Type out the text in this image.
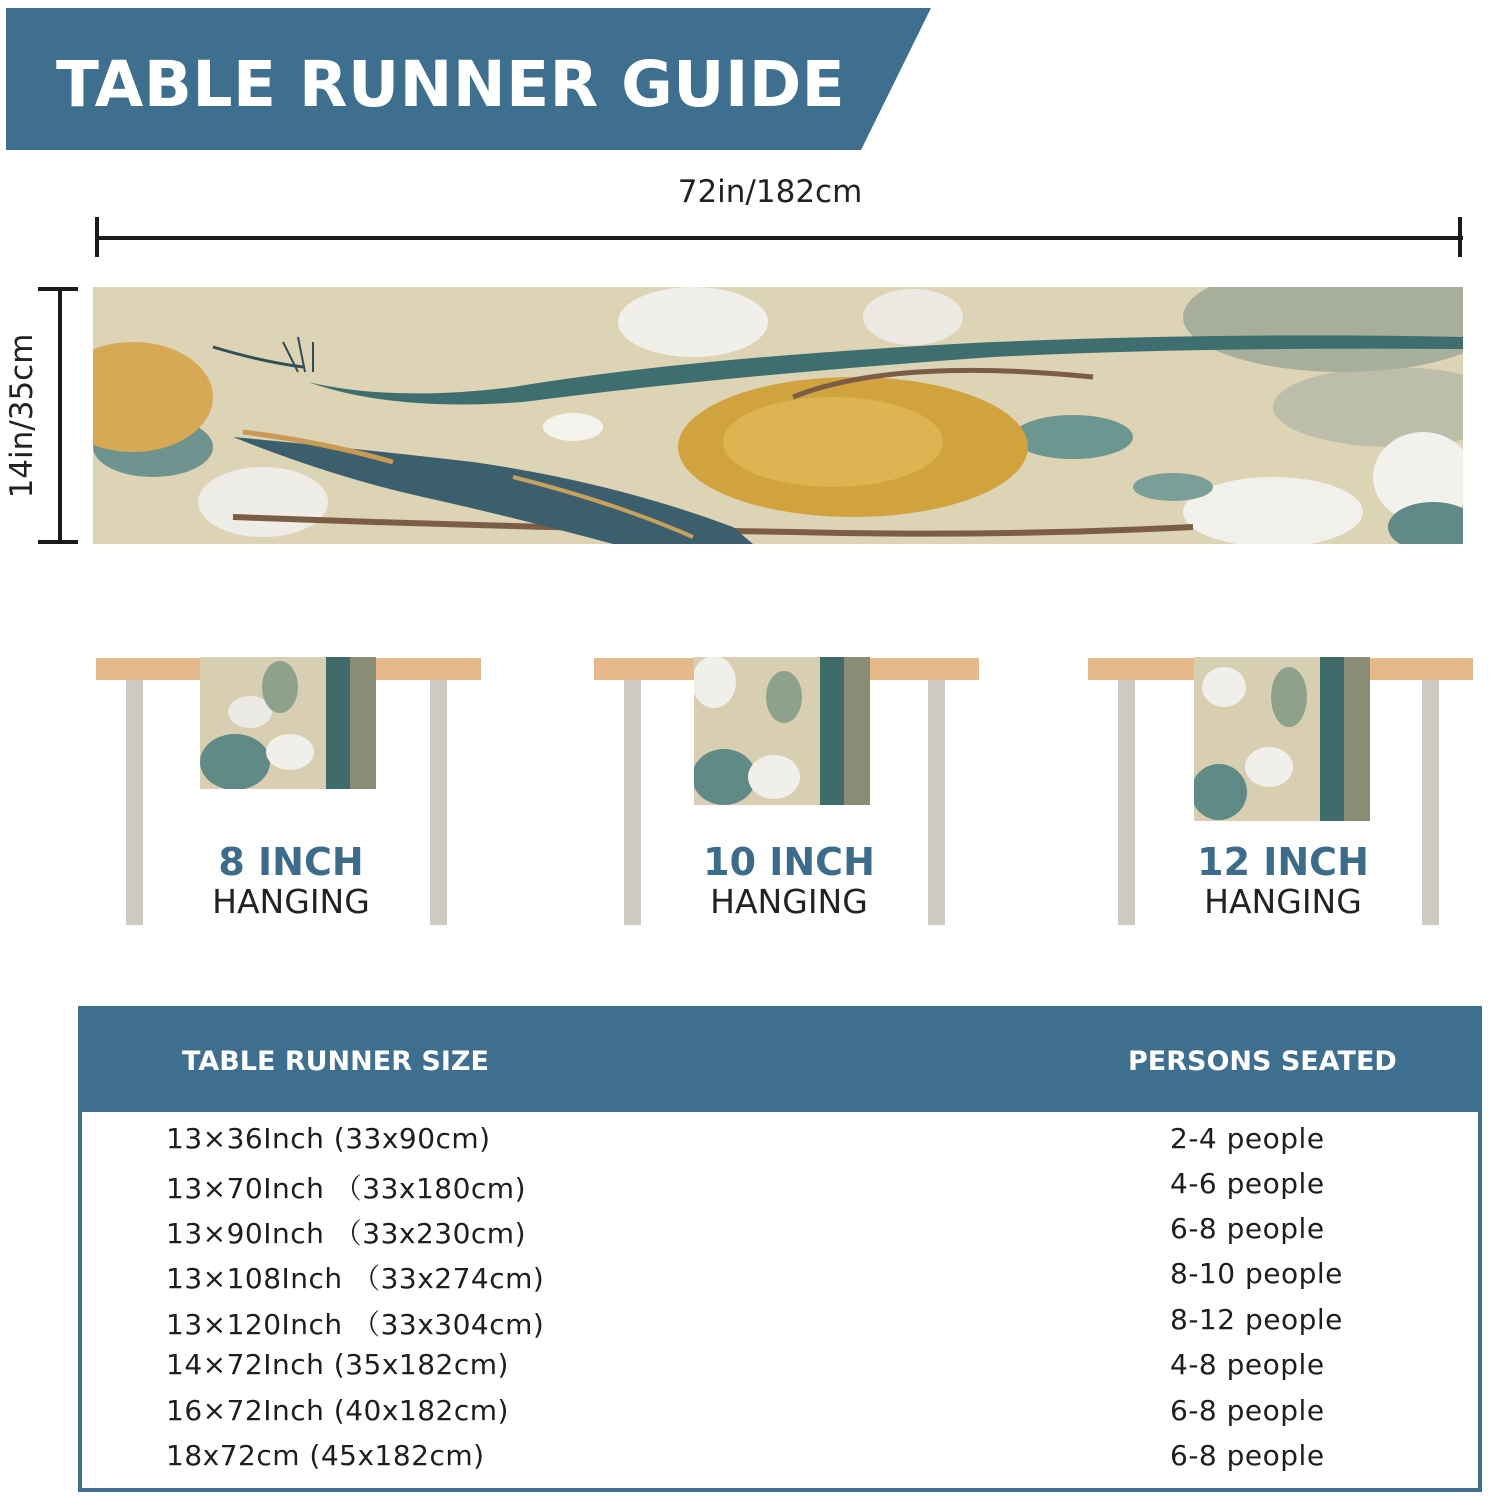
TABLE RUNNER GUIDE
72in/182cm
14in/35cm
8 INCH
HANGING
10 INCH
HANGING
12 INCH
HANGING
TABLE RUNNER SIZE	PERSONS SEATED
13×36Inch (33x90cm)	2-4 people
13×70Inch （33x180cm)	4-6 people
13×90Inch （33x230cm)	6-8 people
13×108Inch （33x274cm)	8-10 people
13×120Inch （33x304cm)	8-12 people
14×72Inch (35x182cm)	4-8 people
16×72Inch (40x182cm)	6-8 people
18x72cm (45x182cm)	6-8 people
